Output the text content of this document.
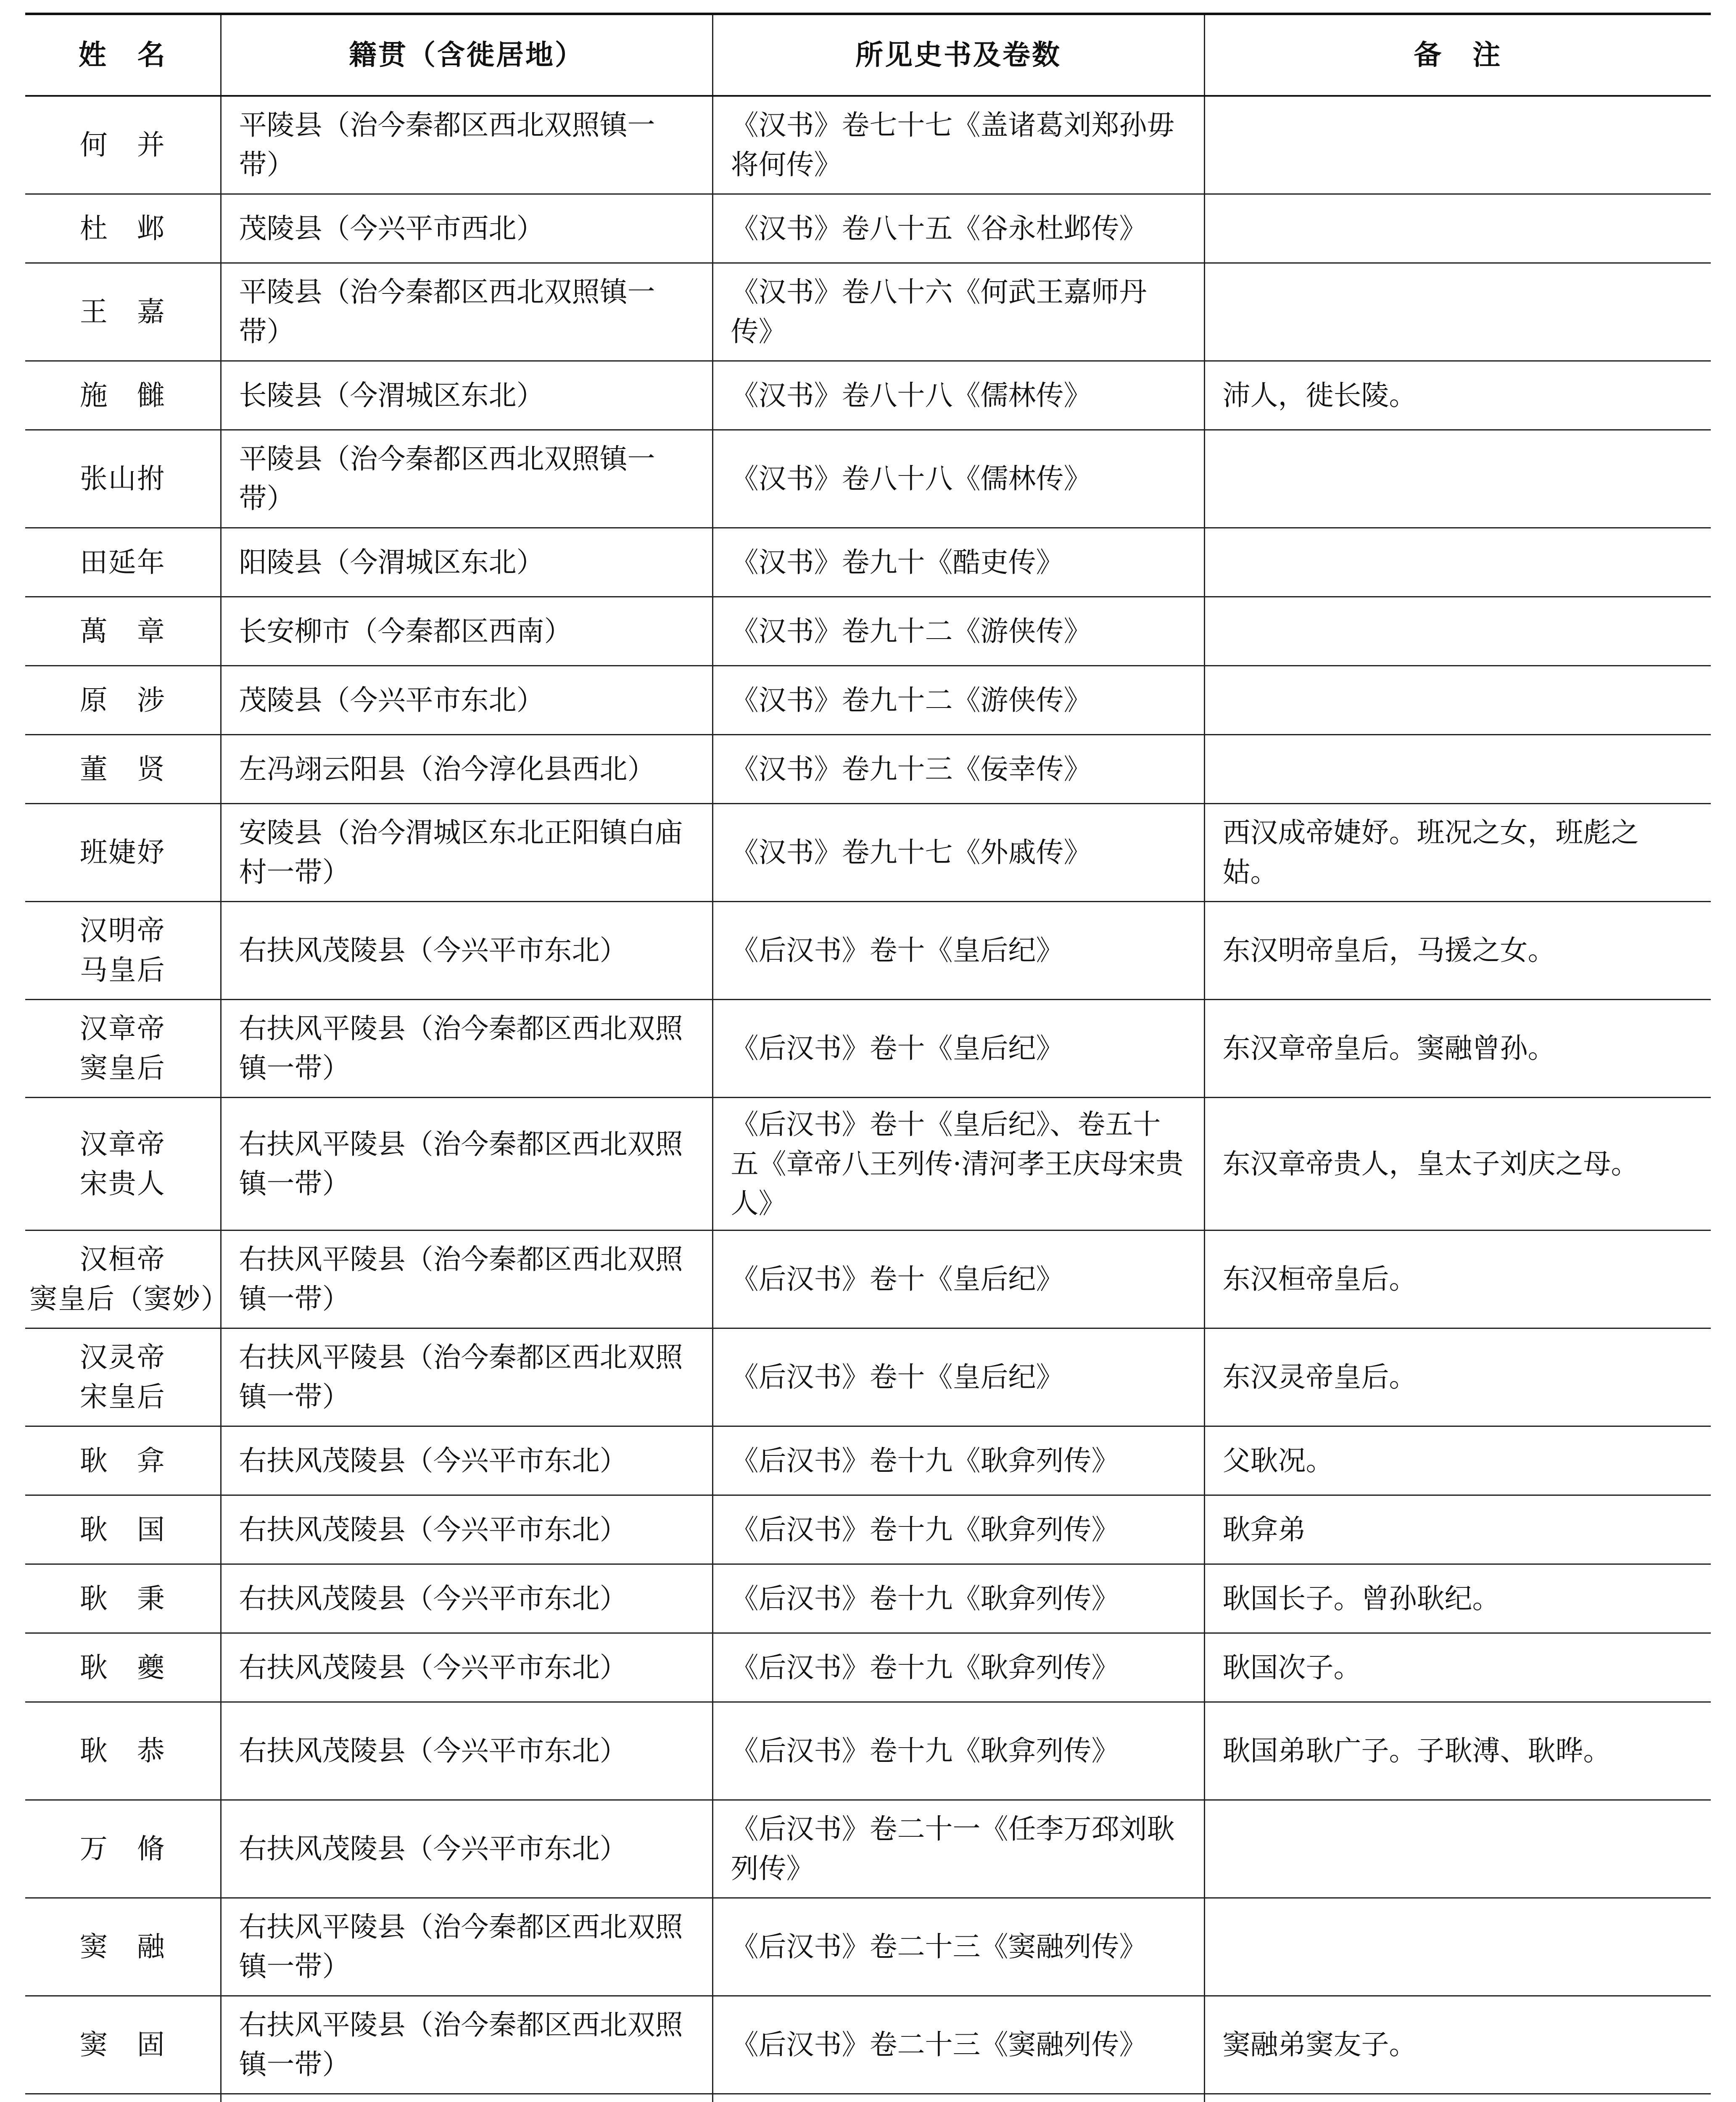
姓　名	籍贯（含徙居地）	所见史书及卷数	备　注

何　并	平陵县（治今秦都区西北双照镇一带）	《汉书》卷七十七《盖诸葛刘郑孙毋将何传》	

杜　邺	茂陵县（今兴平市西北）	《汉书》卷八十五《谷永杜邺传》	

王　嘉	平陵县（治今秦都区西北双照镇一带）	《汉书》卷八十六《何武王嘉师丹传》	

施　雠	长陵县（今渭城区东北）	《汉书》卷八十八《儒林传》	沛人，徙长陵。

张山拊	平陵县（治今秦都区西北双照镇一带）	《汉书》卷八十八《儒林传》	

田延年	阳陵县（今渭城区东北）	《汉书》卷九十《酷吏传》	

萬　章	长安柳市（今秦都区西南）	《汉书》卷九十二《游侠传》	

原　涉	茂陵县（今兴平市东北）	《汉书》卷九十二《游侠传》	

董　贤	左冯翊云阳县（治今淳化县西北）	《汉书》卷九十三《佞幸传》	

班婕妤	安陵县（治今渭城区东北正阳镇白庙村一带）	《汉书》卷九十七《外戚传》	西汉成帝婕妤。班况之女，班彪之姑。

汉明帝
马皇后	右扶风茂陵县（今兴平市东北）	《后汉书》卷十《皇后纪》	东汉明帝皇后，马援之女。

汉章帝
窦皇后	右扶风平陵县（治今秦都区西北双照镇一带）	《后汉书》卷十《皇后纪》	东汉章帝皇后。窦融曾孙。

汉章帝
宋贵人	右扶风平陵县（治今秦都区西北双照镇一带）	《后汉书》卷十《皇后纪》、卷五十五《章帝八王列传·清河孝王庆母宋贵人》	东汉章帝贵人，皇太子刘庆之母。

汉桓帝
窦皇后（窦妙）	右扶风平陵县（治今秦都区西北双照镇一带）	《后汉书》卷十《皇后纪》	东汉桓帝皇后。

汉灵帝
宋皇后	右扶风平陵县（治今秦都区西北双照镇一带）	《后汉书》卷十《皇后纪》	东汉灵帝皇后。

耿　弇	右扶风茂陵县（今兴平市东北）	《后汉书》卷十九《耿弇列传》	父耿况。

耿　国	右扶风茂陵县（今兴平市东北）	《后汉书》卷十九《耿弇列传》	耿弇弟

耿　秉	右扶风茂陵县（今兴平市东北）	《后汉书》卷十九《耿弇列传》	耿国长子。曾孙耿纪。

耿　夔	右扶风茂陵县（今兴平市东北）	《后汉书》卷十九《耿弇列传》	耿国次子。

耿　恭	右扶风茂陵县（今兴平市东北）	《后汉书》卷十九《耿弇列传》	耿国弟耿广子。子耿溥、耿晔。

万　脩	右扶风茂陵县（今兴平市东北）	《后汉书》卷二十一《任李万邳刘耿列传》	

窦　融	右扶风平陵县（治今秦都区西北双照镇一带）	《后汉书》卷二十三《窦融列传》	

窦　固	右扶风平陵县（治今秦都区西北双照镇一带）	《后汉书》卷二十三《窦融列传》	窦融弟窦友子。
